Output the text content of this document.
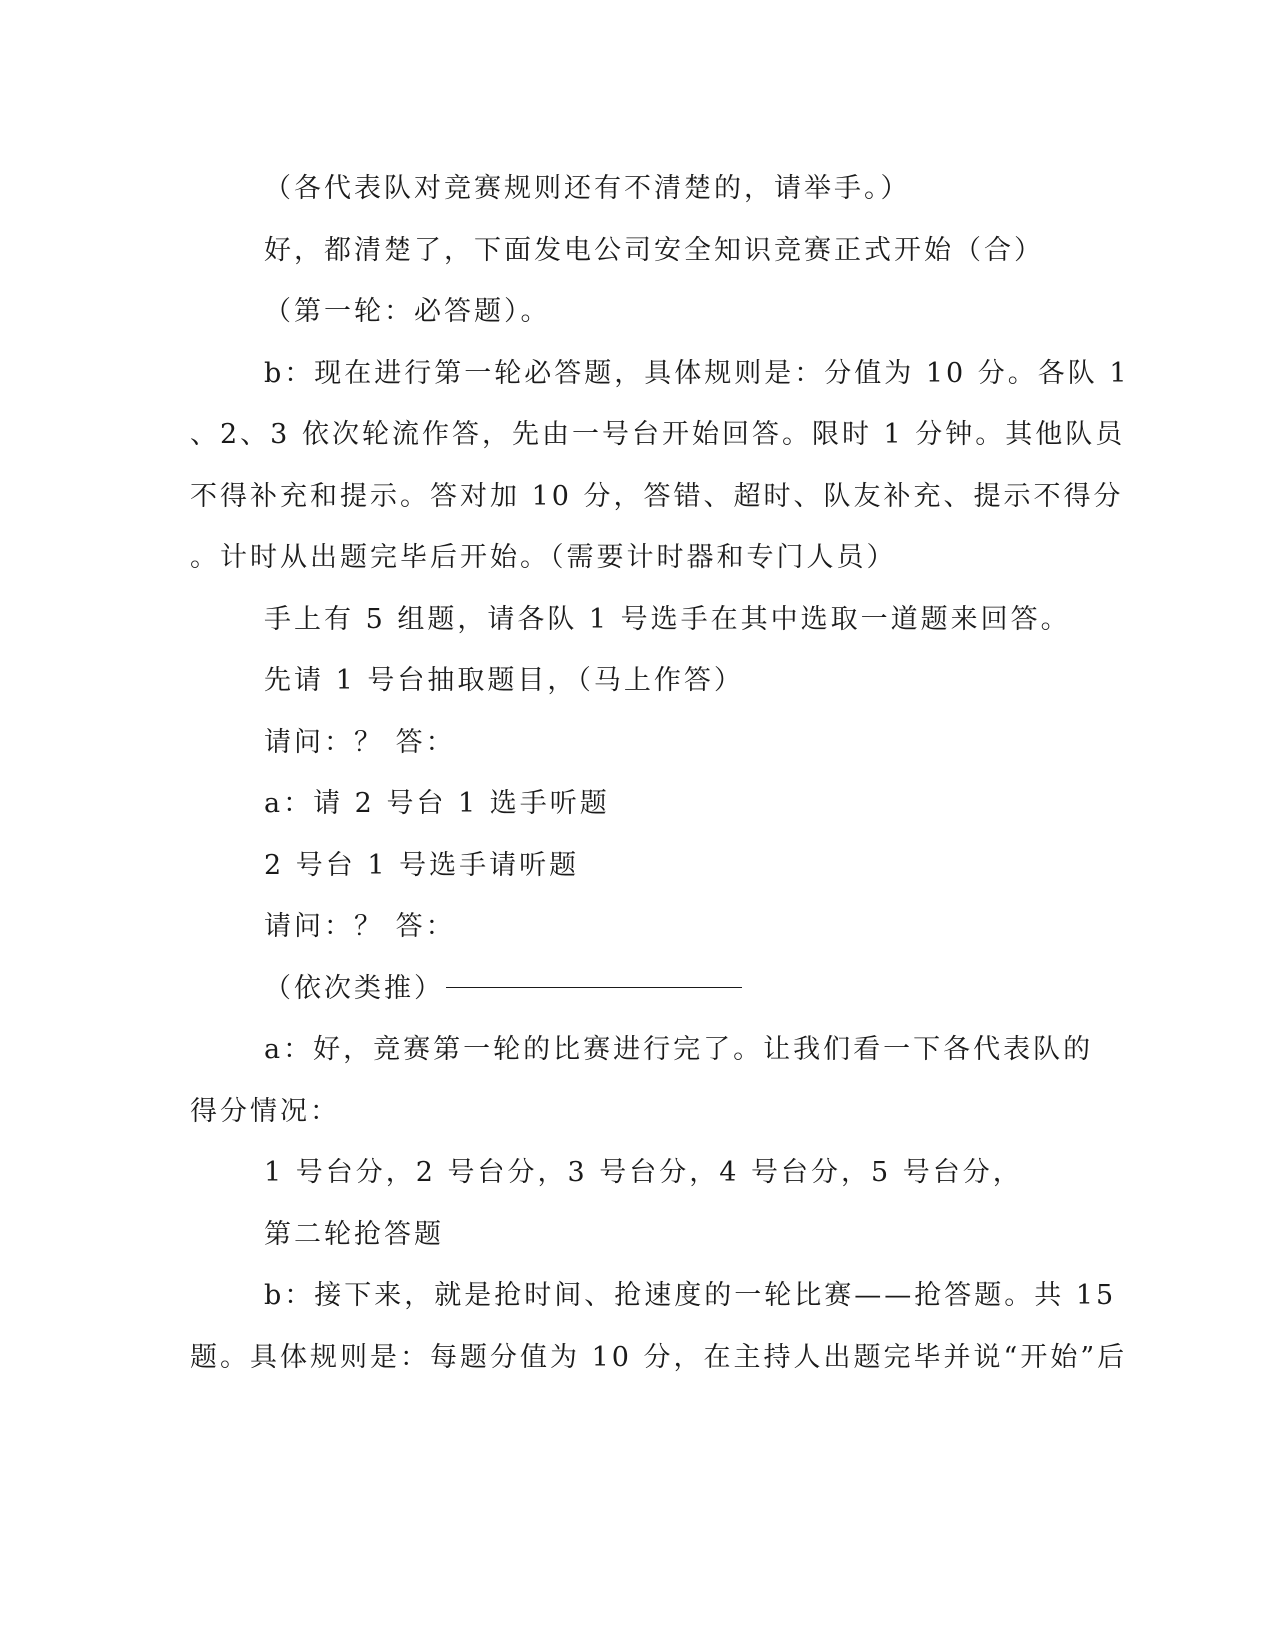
（各代表队对竞赛规则还有不清楚的，请举手。）
好，都清楚了，下面发电公司安全知识竞赛正式开始（合）
（第一轮：必答题）。
b：现在进行第一轮必答题，具体规则是：分值为 10 分。各队 1
、2、3 依次轮流作答，先由一号台开始回答。限时 1 分钟。其他队员
不得补充和提示。答对加 10 分，答错、超时、队友补充、提示不得分
。计时从出题完毕后开始。（需要计时器和专门人员）
手上有 5 组题，请各队 1 号选手在其中选取一道题来回答。
先请 1 号台抽取题目，（马上作答）
请问：？ 答：
a：请 2 号台 1 选手听题
2 号台 1 号选手请听题
请问：？ 答：
（依次类推）
a：好，竞赛第一轮的比赛进行完了。让我们看一下各代表队的
得分情况：
1 号台分，2 号台分，3 号台分，4 号台分，5 号台分，
第二轮抢答题
b：接下来，就是抢时间、抢速度的一轮比赛——抢答题。共 15
题。具体规则是：每题分值为 10 分，在主持人出题完毕并说“开始”后
